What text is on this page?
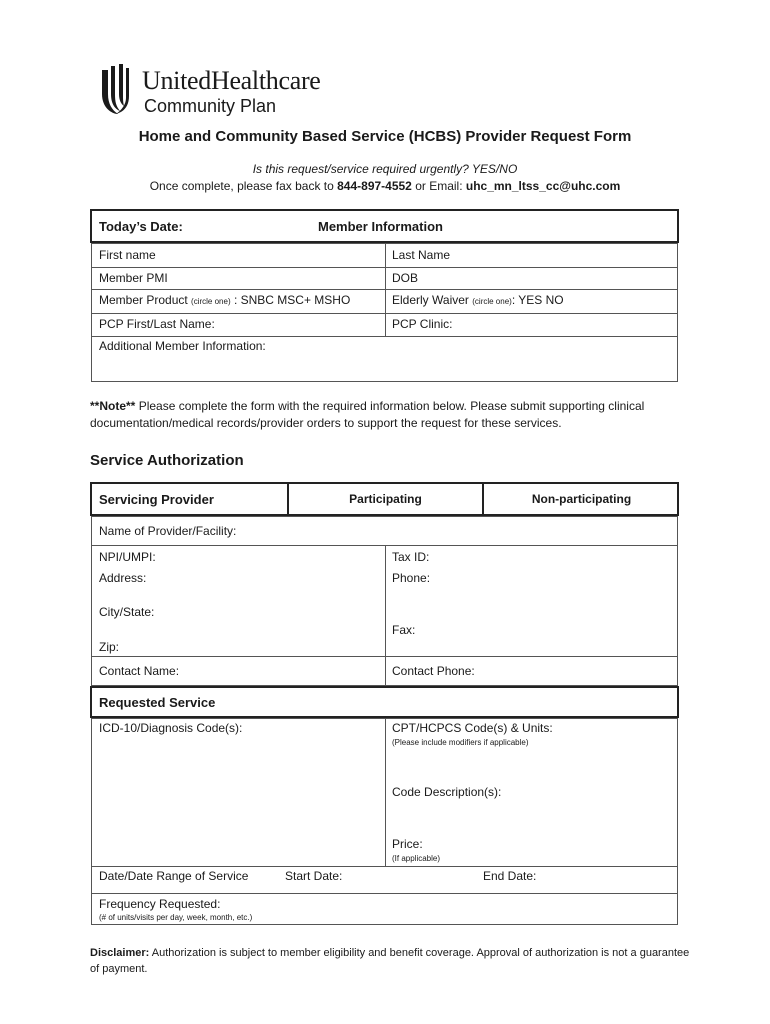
UnitedHealthcare
Community Plan
Home and Community Based Service (HCBS) Provider Request Form
Is this request/service required urgently? YES/NO
Once complete, please fax back to 844-897-4552 or Email: uhc_mn_ltss_cc@uhc.com
Today’s Date:	Member Information
First name	Last Name
Member PMI	DOB
Member Product (circle one) : SNBC MSC+ MSHO	Elderly Waiver (circle one): YES NO
PCP First/Last Name:	PCP Clinic:
Additional Member Information:
**Note** Please complete the form with the required information below. Please submit supporting clinical documentation/medical records/provider orders to support the request for these services.
Service Authorization
Servicing Provider	Participating	Non-participating
Name of Provider/Facility:
NPI/UMPI:	Tax ID:
Address:	Phone:
City/State:
Fax:
Zip:
Contact Name:	Contact Phone:
Requested Service
ICD-10/Diagnosis Code(s):	CPT/HCPCS Code(s) & Units:
(Please include modifiers if applicable)
Code Description(s):
Price:
(If applicable)
Date/Date Range of Service	Start Date:	End Date:
Frequency Requested:
(# of units/visits per day, week, month, etc.)
Disclaimer: Authorization is subject to member eligibility and benefit coverage. Approval of authorization is not a guarantee of payment.
